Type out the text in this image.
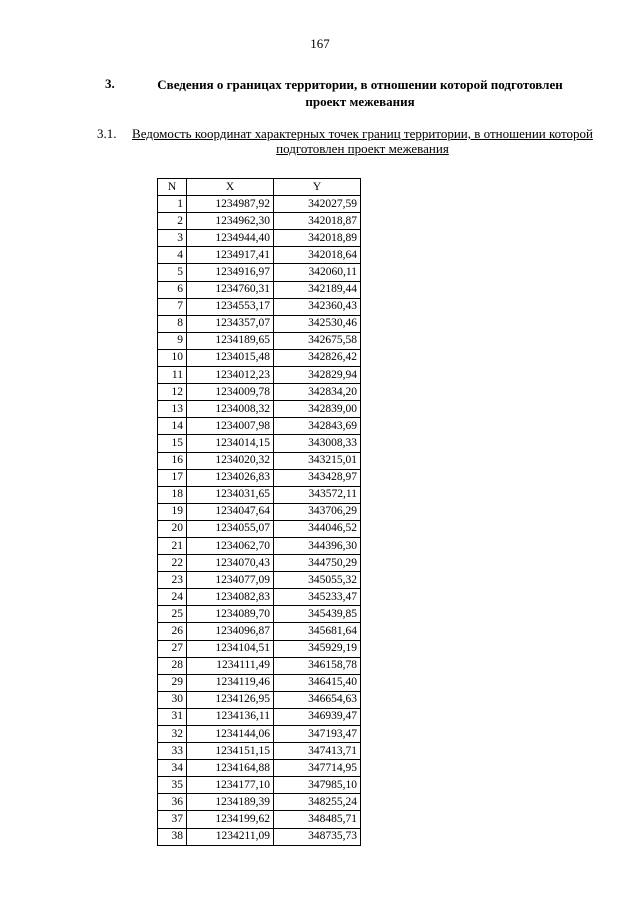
167
3.	Сведения о границах территории, в отношении которой подготовлен проект межевания
3.1. Ведомость координат характерных точек границ территории, в отношении которой подготовлен проект межевания
N	X	Y
1	1234987,92	342027,59
2	1234962,30	342018,87
3	1234944,40	342018,89
4	1234917,41	342018,64
5	1234916,97	342060,11
6	1234760,31	342189,44
7	1234553,17	342360,43
8	1234357,07	342530,46
9	1234189,65	342675,58
10	1234015,48	342826,42
11	1234012,23	342829,94
12	1234009,78	342834,20
13	1234008,32	342839,00
14	1234007,98	342843,69
15	1234014,15	343008,33
16	1234020,32	343215,01
17	1234026,83	343428,97
18	1234031,65	343572,11
19	1234047,64	343706,29
20	1234055,07	344046,52
21	1234062,70	344396,30
22	1234070,43	344750,29
23	1234077,09	345055,32
24	1234082,83	345233,47
25	1234089,70	345439,85
26	1234096,87	345681,64
27	1234104,51	345929,19
28	1234111,49	346158,78
29	1234119,46	346415,40
30	1234126,95	346654,63
31	1234136,11	346939,47
32	1234144,06	347193,47
33	1234151,15	347413,71
34	1234164,88	347714,95
35	1234177,10	347985,10
36	1234189,39	348255,24
37	1234199,62	348485,71
38	1234211,09	348735,73
